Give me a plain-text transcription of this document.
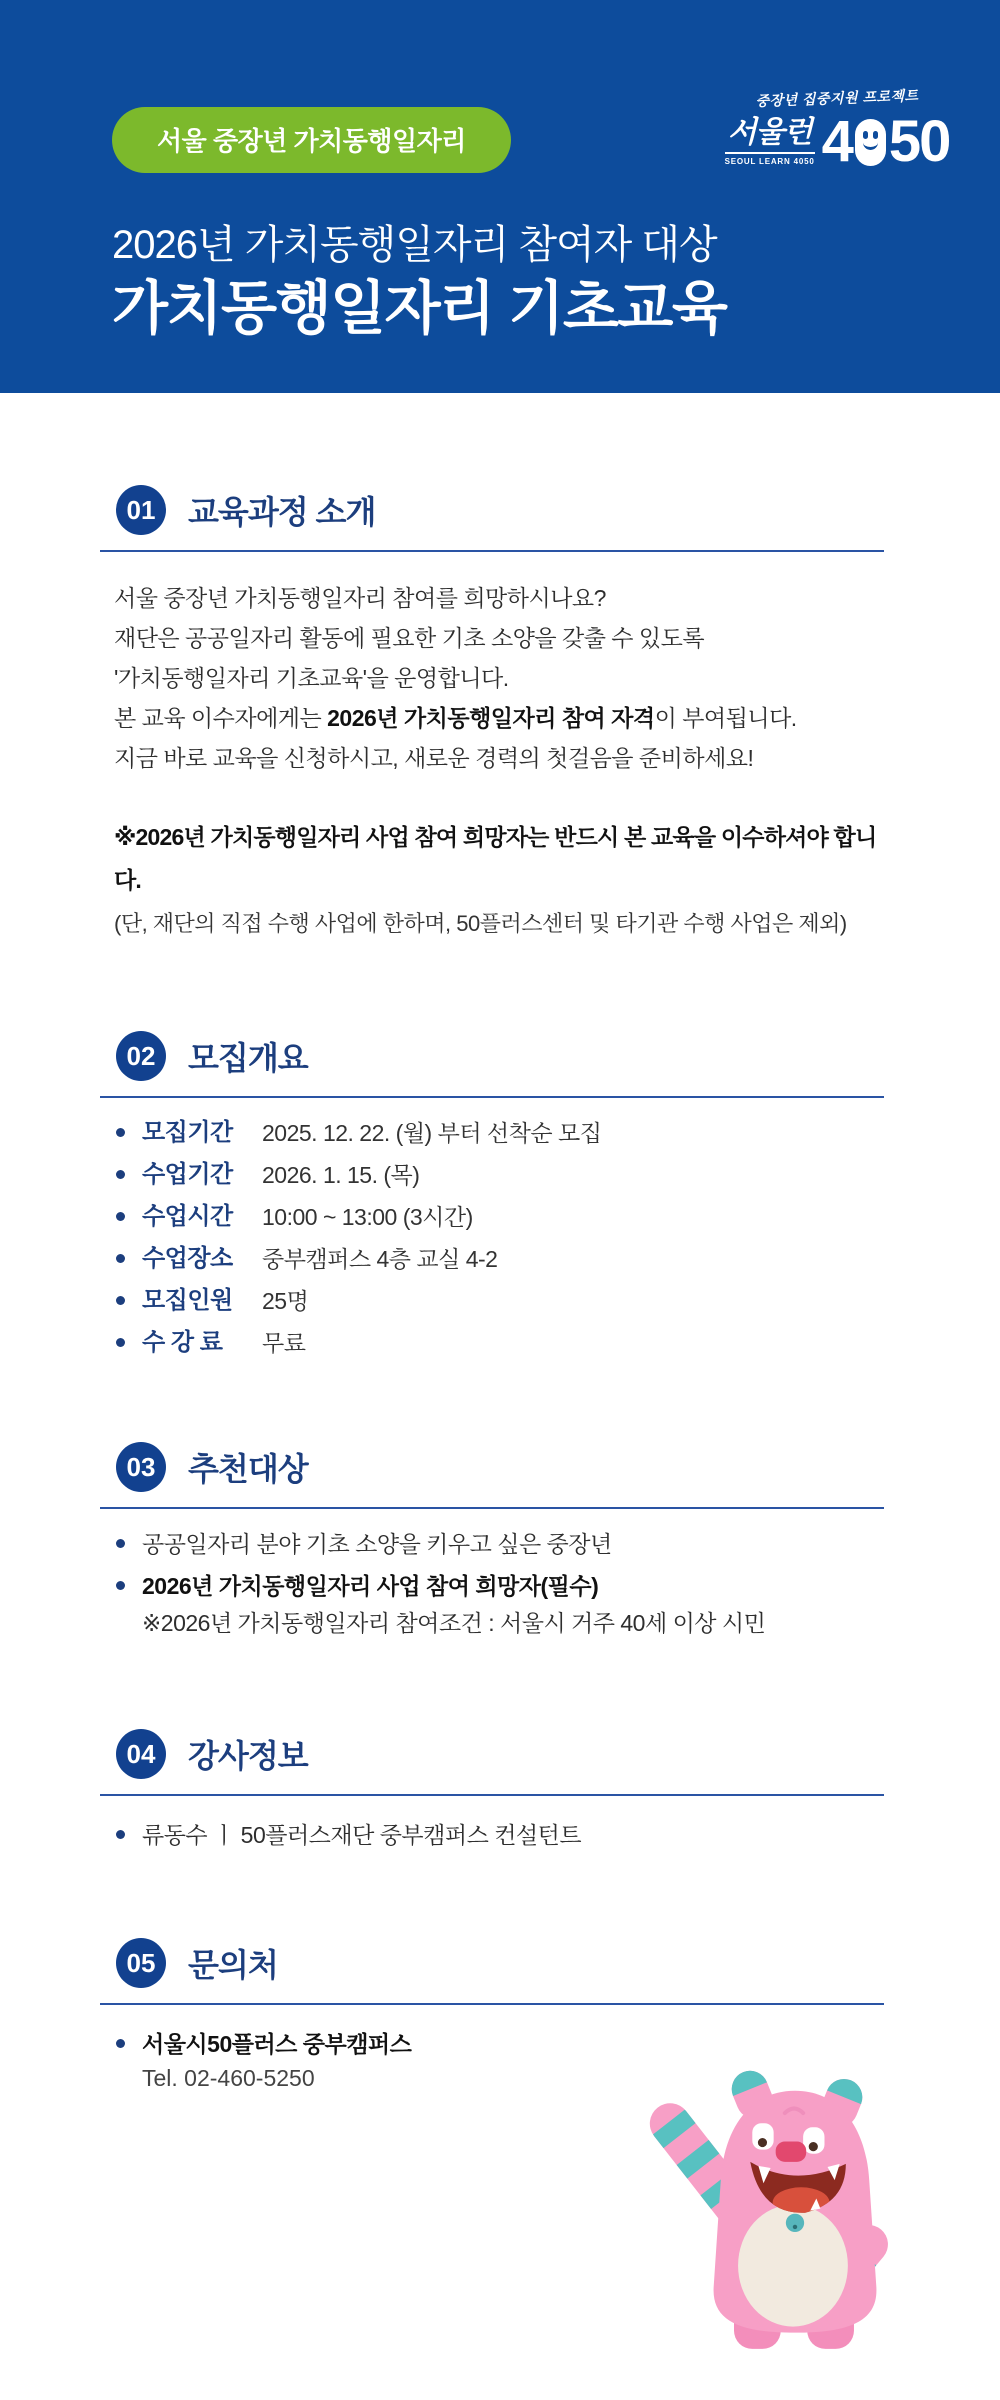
서울 중장년 가치동행일자리
중장년 집중지원 프로젝트
서울런
SEOUL LEARN 4050 4 50
2026년 가치동행일자리 참여자 대상
가치동행일자리 기초교육
01	교육과정 소개

서울 중장년 가치동행일자리 참여를 희망하시나요?

재단은 공공일자리 활동에 필요한 기초 소양을 갖출 수 있도록

'가치동행일자리 기초교육'을 운영합니다.

본 교육 이수자에게는 2026년 가치동행일자리 참여 자격이 부여됩니다.

지금 바로 교육을 신청하시고, 새로운 경력의 첫걸음을 준비하세요!

※2026년 가치동행일자리 사업 참여 희망자는 반드시 본 교육을 이수하셔야 합니다.
(단, 재단의 직접 수행 사업에 한하며, 50플러스센터 및 타기관 수행 사업은 제외)
02	모집개요
모집기간	2025. 12. 22. (월) 부터 선착순 모집
수업기간	2026. 1. 15. (목)
수업시간	10:00 ~ 13:00 (3시간)
수업장소	중부캠퍼스 4층 교실 4-2
모집인원	25명
수 강 료	무료
03	추천대상
공공일자리 분야 기초 소양을 키우고 싶은 중장년
2026년 가치동행일자리 사업 참여 희망자(필수)
※2026년 가치동행일자리 참여조건 : 서울시 거주 40세 이상 시민
04	강사정보
류동수 ㅣ 50플러스재단 중부캠퍼스 컨설턴트
05	문의처
서울시50플러스 중부캠퍼스
Tel. 02-460-5250
